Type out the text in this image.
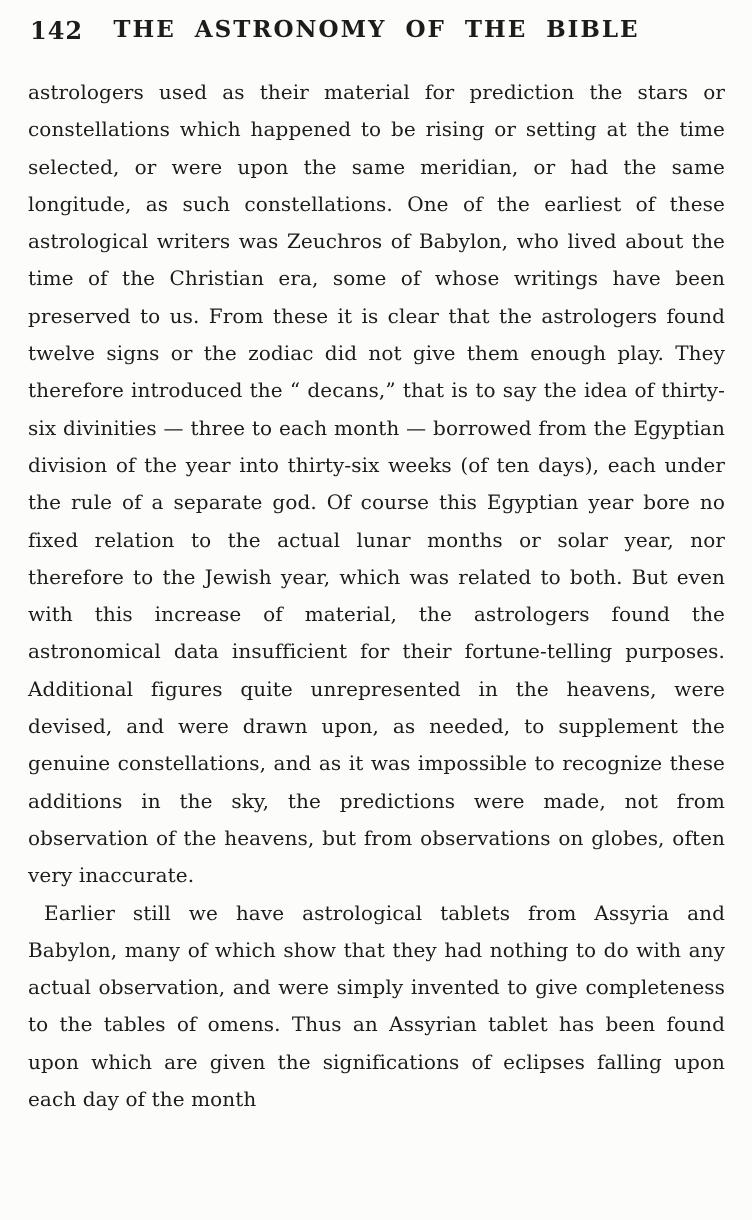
142	THE ASTRONOMY OF THE BIBLE

astrologers used as their material for prediction the stars or constellations which happened to be rising or setting at the time selected, or were upon the same meridian, or had the same longitude, as such constellations. One of the earliest of these astrological writers was Zeuchros of Babylon, who lived about the time of the Christian era, some of whose writings have been preserved to us. From these it is clear that the astrologers found twelve signs or the zodiac did not give them enough play. They therefore introduced the “ decans,” that is to say the idea of thirty-six divinities — three to each month — borrowed from the Egyptian division of the year into thirty-six weeks (of ten days), each under the rule of a separate god. Of course this Egyptian year bore no fixed relation to the actual lunar months or solar year, nor therefore to the Jewish year, which was related to both. But even with this increase of material, the astrologers found the astronomical data insufficient for their fortune-telling purposes. Additional figures quite unrepresented in the heavens, were devised, and were drawn upon, as needed, to supplement the genuine constellations, and as it was impossible to recognize these additions in the sky, the predictions were made, not from observation of the heavens, but from observations on globes, often very inaccurate.

Earlier still we have astrological tablets from Assyria and Babylon, many of which show that they had nothing to do with any actual observation, and were simply invented to give completeness to the tables of omens. Thus an Assyrian tablet has been found upon which are given the significations of eclipses falling upon each day of the month
